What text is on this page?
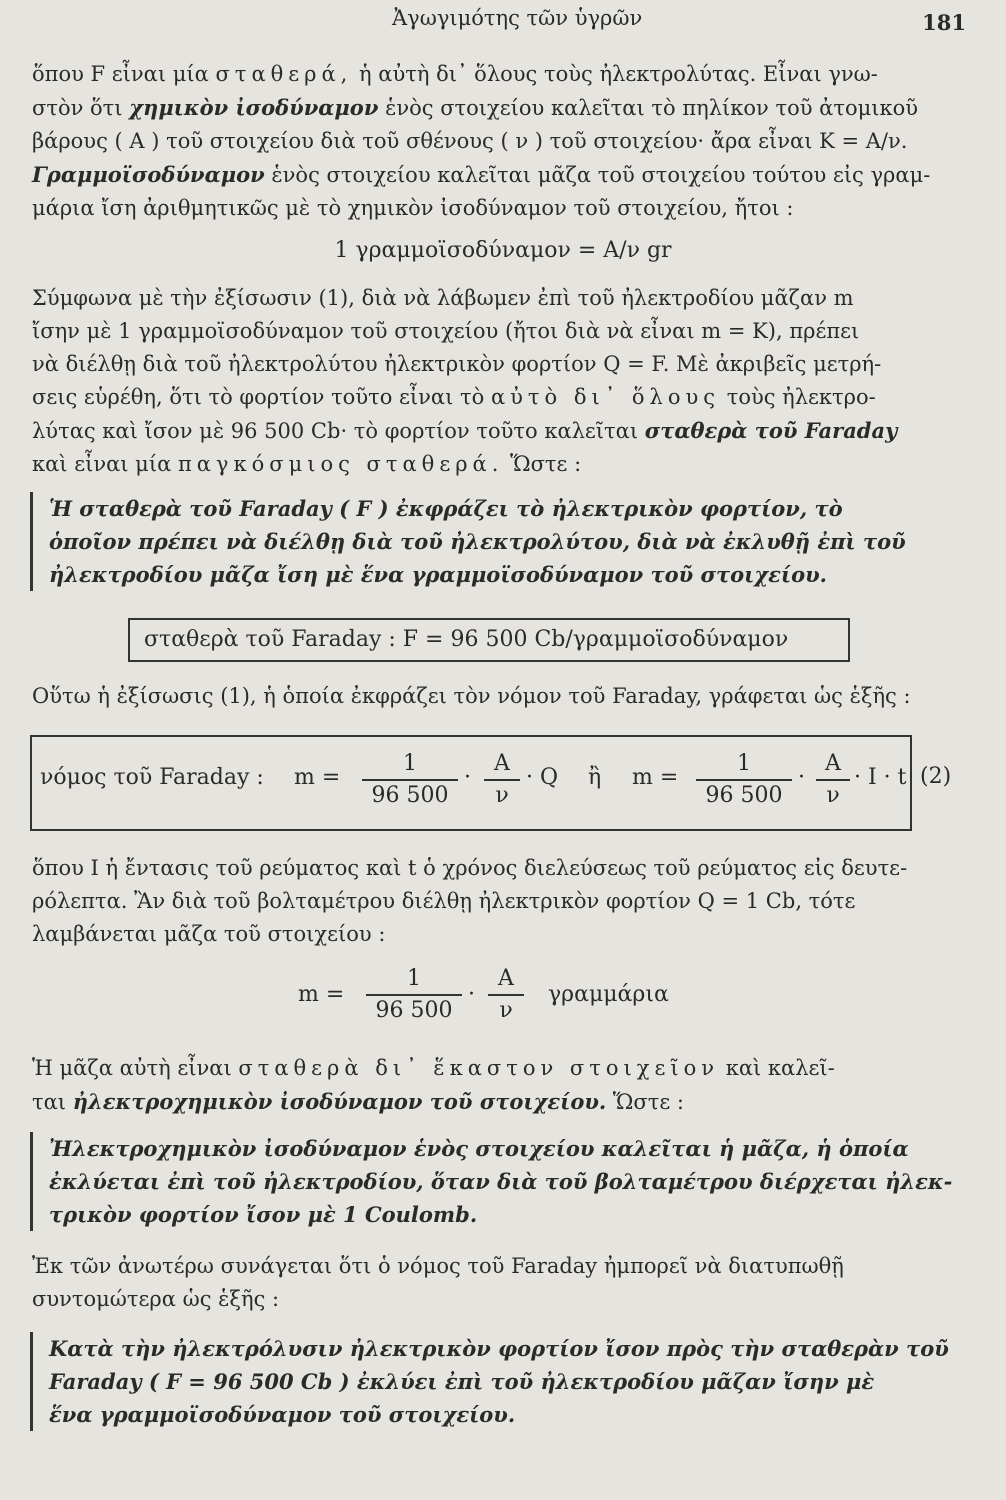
Ἀγωγιμότης τῶν ὑγρῶν	181
ὅπου F εἶναι μία σταθερά, ἡ αὐτὴ δι᾽ ὅλους τοὺς ἠλεκτρολύτας. Εἶναι γνω-
στὸν ὅτι χημικὸν ἰσοδύναμον ἑνὸς στοιχείου καλεῖται τὸ πηλίκον τοῦ ἀτομικοῦ
βάρους ( A ) τοῦ στοιχείου διὰ τοῦ σθένους ( ν ) τοῦ στοιχείου· ἄρα εἶναι K = A/ν.
Γραμμοϊσοδύναμον ἑνὸς στοιχείου καλεῖται μᾶζα τοῦ στοιχείου τούτου εἰς γραμ-
μάρια ἴση ἀριθμητικῶς μὲ τὸ χημικὸν ἰσοδύναμον τοῦ στοιχείου, ἤτοι :
1 γραμμοϊσοδύναμον = A/ν gr
Σύμφωνα μὲ τὴν ἐξίσωσιν (1), διὰ νὰ λάβωμεν ἐπὶ τοῦ ἠλεκτροδίου μᾶζαν m
ἴσην μὲ 1 γραμμοϊσοδύναμον τοῦ στοιχείου (ἤτοι διὰ νὰ εἶναι m = K), πρέπει
νὰ διέλθῃ διὰ τοῦ ἠλεκτρολύτου ἠλεκτρικὸν φορτίον Q = F. Μὲ ἀκριβεῖς μετρή-
σεις εὑρέθη, ὅτι τὸ φορτίον τοῦτο εἶναι τὸ αὐτὸ δι᾽ ὅλους τοὺς ἠλεκτρο-
λύτας καὶ ἴσον μὲ 96 500 Cb· τὸ φορτίον τοῦτο καλεῖται σταθερὰ τοῦ Faraday
καὶ εἶναι μία παγκόσμιος σταθερά. Ὥστε :
Ἡ σταθερὰ τοῦ Faraday ( F ) ἐκφράζει τὸ ἠλεκτρικὸν φορτίον, τὸ
ὁποῖον πρέπει νὰ διέλθῃ διὰ τοῦ ἠλεκτρολύτου, διὰ νὰ ἐκλυθῇ ἐπὶ τοῦ
ἠλεκτροδίου μᾶζα ἴση μὲ ἕνα γραμμοϊσοδύναμον τοῦ στοιχείου.
σταθερὰ τοῦ Faraday : F = 96 500 Cb/γραμμοϊσοδύναμον
Οὕτω ἡ ἐξίσωσις (1), ἡ ὁποία ἐκφράζει τὸν νόμον τοῦ Faraday, γράφεται ὡς ἑξῆς :
νόμος τοῦ Faraday : m =
1
96 500
·
A
ν
· Q ἢ m =
1
96 500
·
A
ν
· I · t (2)
ὅπου I ἡ ἔντασις τοῦ ρεύματος καὶ t ὁ χρόνος διελεύσεως τοῦ ρεύματος εἰς δευτε-
ρόλεπτα. Ἂν διὰ τοῦ βολταμέτρου διέλθῃ ἠλεκτρικὸν φορτίον Q = 1 Cb, τότε
λαμβάνεται μᾶζα τοῦ στοιχείου :
m =
1
96 500
·
A
ν
γραμμάρια
Ἡ μᾶζα αὐτὴ εἶναι σταθερὰ δι᾽ ἕκαστον στοιχεῖον καὶ καλεῖ-
ται ἠλεκτροχημικὸν ἰσοδύναμον τοῦ στοιχείου. Ὥστε :
Ἠλεκτροχημικὸν ἰσοδύναμον ἑνὸς στοιχείου καλεῖται ἡ μᾶζα, ἡ ὁποία
ἐκλύεται ἐπὶ τοῦ ἠλεκτροδίου, ὅταν διὰ τοῦ βολταμέτρου διέρχεται ἠλεκ-
τρικὸν φορτίον ἴσον μὲ 1 Coulomb.
Ἐκ τῶν ἀνωτέρω συνάγεται ὅτι ὁ νόμος τοῦ Faraday ἠμπορεῖ νὰ διατυπωθῇ
συντομώτερα ὡς ἑξῆς :
Κατὰ τὴν ἠλεκτρόλυσιν ἠλεκτρικὸν φορτίον ἴσον πρὸς τὴν σταθερὰν τοῦ
Faraday ( F = 96 500 Cb ) ἐκλύει ἐπὶ τοῦ ἠλεκτροδίου μᾶζαν ἴσην μὲ
ἕνα γραμμοϊσοδύναμον τοῦ στοιχείου.
